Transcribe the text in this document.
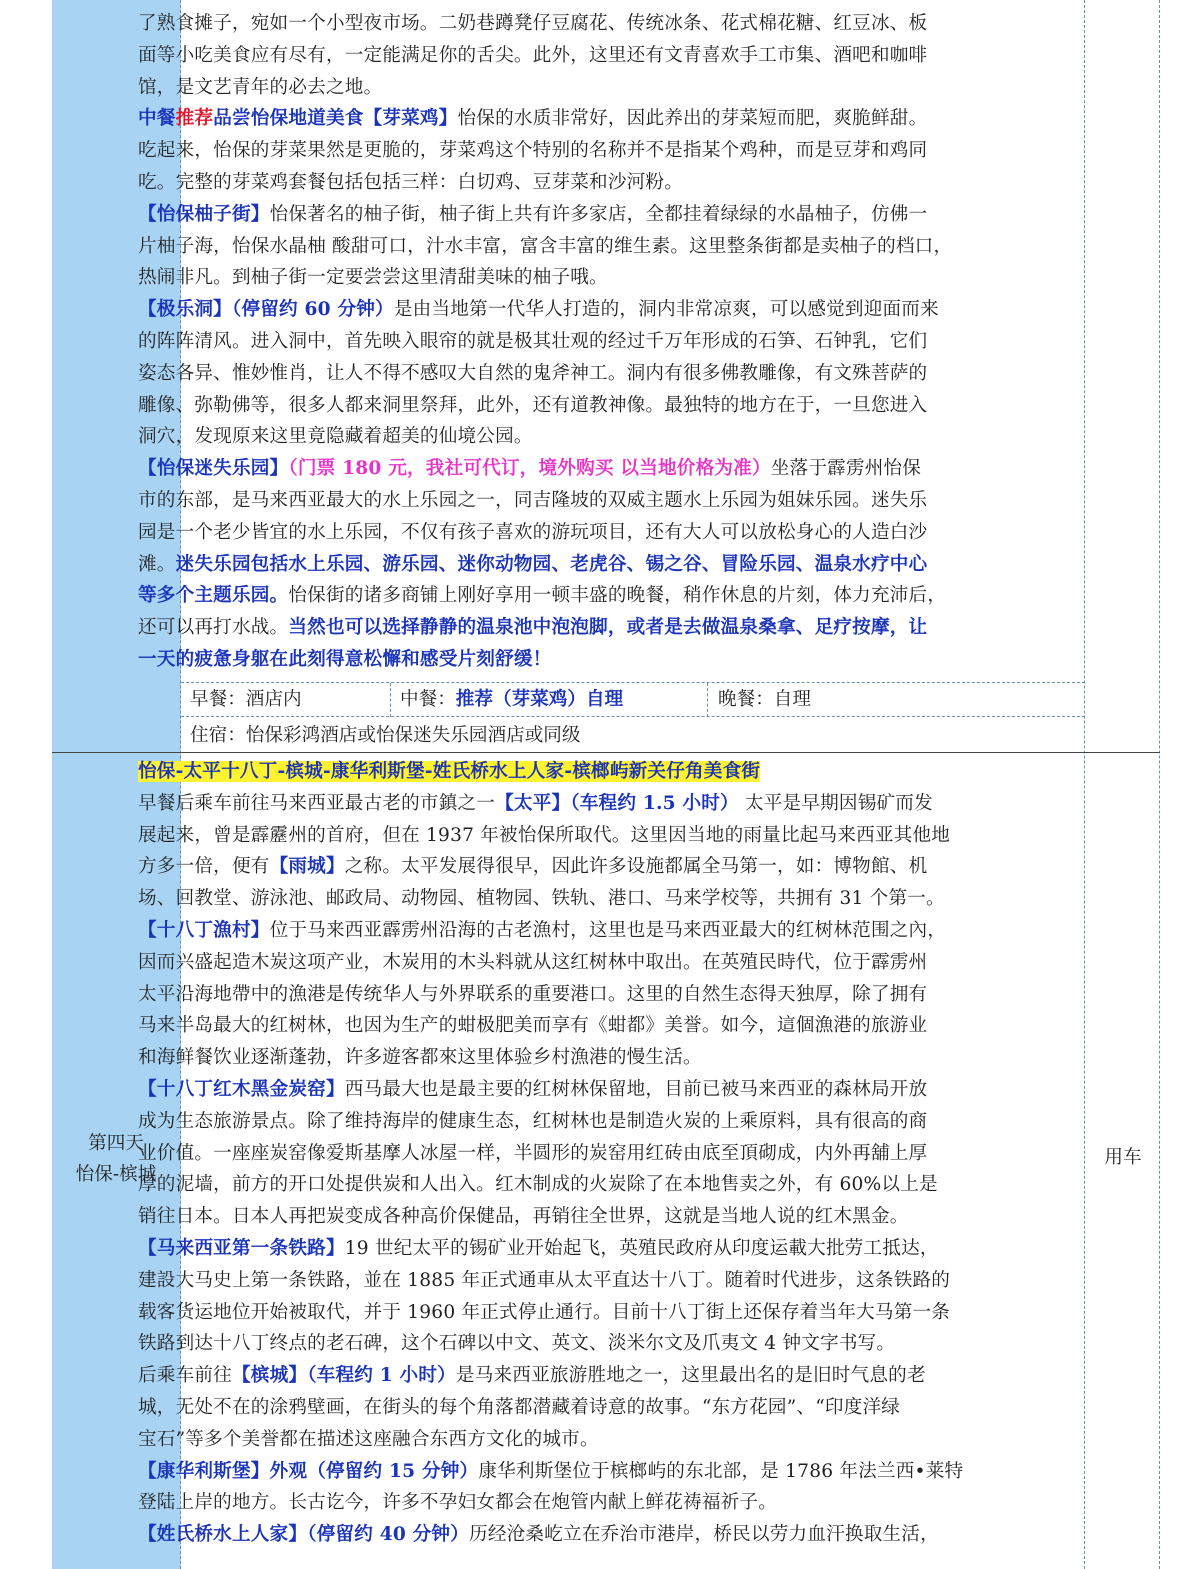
第四天
怡保-槟城
用车

了熟食摊子，宛如一个小型夜市场。二奶巷蹲凳仔豆腐花、传统冰条、花式棉花糖、红豆冰、板

面等小吃美食应有尽有，一定能满足你的舌尖。此外，这里还有文青喜欢手工市集、酒吧和咖啡

馆，是文艺青年的必去之地。

中餐推荐品尝怡保地道美食【芽菜鸡】怡保的水质非常好，因此养出的芽菜短而肥，爽脆鲜甜。

吃起来，怡保的芽菜果然是更脆的，芽菜鸡这个特别的名称并不是指某个鸡种，而是豆芽和鸡同

吃。完整的芽菜鸡套餐包括包括三样：白切鸡、豆芽菜和沙河粉。

【怡保柚子街】怡保著名的柚子街，柚子街上共有许多家店，全都挂着绿绿的水晶柚子，仿佛一

片柚子海，怡保水晶柚 酸甜可口，汁水丰富，富含丰富的维生素。这里整条街都是卖柚子的档口，

热闹非凡。到柚子街一定要尝尝这里清甜美味的柚子哦。

【极乐洞】（停留约 60 分钟）是由当地第一代华人打造的，洞内非常凉爽，可以感觉到迎面而来

的阵阵清风。进入洞中，首先映入眼帘的就是极其壮观的经过千万年形成的石笋、石钟乳，它们

姿态各异、惟妙惟肖，让人不得不感叹大自然的鬼斧神工。洞内有很多佛教雕像，有文殊菩萨的

雕像、弥勒佛等，很多人都来洞里祭拜，此外，还有道教神像。最独特的地方在于，一旦您进入

洞穴，发现原来这里竟隐藏着超美的仙境公园。

【怡保迷失乐园】（门票 180 元，我社可代订，境外购买 以当地价格为准）坐落于霹雳州怡保

市的东部，是马来西亚最大的水上乐园之一，同吉隆坡的双威主题水上乐园为姐妹乐园。迷失乐

园是一个老少皆宜的水上乐园，不仅有孩子喜欢的游玩项目，还有大人可以放松身心的人造白沙

滩。迷失乐园包括水上乐园、游乐园、迷你动物园、老虎谷、锡之谷、冒险乐园、温泉水疗中心

等多个主题乐园。怡保街的诸多商铺上刚好享用一顿丰盛的晚餐，稍作休息的片刻，体力充沛后，

还可以再打水战。当然也可以选择静静的温泉池中泡泡脚，或者是去做温泉桑拿、足疗按摩，让

一天的疲惫身躯在此刻得意松懈和感受片刻舒缓！

早餐：酒店内	中餐：推荐（芽菜鸡）自理	晚餐：自理
住宿：怡保彩鸿酒店或怡保迷失乐园酒店或同级

怡保-太平十八丁-槟城-康华利斯堡-姓氏桥水上人家-槟榔屿新关仔角美食街

早餐后乘车前往马来西亚最古老的市鎮之一【太平】（车程约 1.5 小时） 太平是早期因锡矿而发

展起来，曾是霹靂州的首府，但在 1937 年被怡保所取代。这里因当地的雨量比起马来西亚其他地

方多一倍，便有【雨城】之称。太平发展得很早，因此许多设施都属全马第一，如：博物館、机

场、回教堂、游泳池、邮政局、动物园、植物园、铁轨、港口、马来学校等，共拥有 31 个第一。

【十八丁漁村】位于马来西亚霹雳州沿海的古老漁村，这里也是马来西亚最大的红树林范围之內，

因而兴盛起造木炭这项产业，木炭用的木头料就从这红树林中取出。在英殖民時代，位于霹雳州

太平沿海地帶中的漁港是传统华人与外界联系的重要港口。这里的自然生态得天独厚，除了拥有

马来半岛最大的红树林，也因为生产的蚶极肥美而享有《蚶都》美誉。如今，這個漁港的旅游业

和海鲜餐饮业逐渐蓬勃，许多遊客都來这里体验乡村漁港的慢生活。

【十八丁红木黑金炭窑】西马最大也是最主要的红树林保留地，目前已被马来西亚的森林局开放

成为生态旅游景点。除了维持海岸的健康生态，红树林也是制造火炭的上乘原料，具有很高的商

业价值。一座座炭窑像爱斯基摩人冰屋一样，半圆形的炭窑用红砖由底至頂砌成，内外再舖上厚

厚的泥墙，前方的开口处提供炭和人出入。红木制成的火炭除了在本地售卖之外，有 60%以上是

销往日本。日本人再把炭变成各种高价保健品，再销往全世界，这就是当地人说的红木黑金。

【马来西亚第一条铁路】19 世纪太平的锡矿业开始起飞，英殖民政府从印度运載大批劳工抵达，

建設大马史上第一条铁路，並在 1885 年正式通車从太平直达十八丁。随着时代进步，这条铁路的

载客货运地位开始被取代，并于 1960 年正式停止通行。目前十八丁街上还保存着当年大马第一条

铁路到达十八丁终点的老石碑，这个石碑以中文、英文、淡米尔文及爪夷文 4 钟文字书写。

后乘车前往【槟城】（车程约 1 小时）是马来西亚旅游胜地之一，这里最出名的是旧时气息的老

城，无处不在的涂鸦壁画，在街头的每个角落都潜藏着诗意的故事。“东方花园”、“印度洋绿

宝石”等多个美誉都在描述这座融合东西方文化的城市。

【康华利斯堡】外观（停留约 15 分钟）康华利斯堡位于槟榔屿的东北部，是 1786 年法兰西•莱特

登陆上岸的地方。长古讫今，许多不孕妇女都会在炮管内献上鲜花祷福祈子。

【姓氏桥水上人家】（停留约 40 分钟）历经沧桑屹立在乔治市港岸，桥民以劳力血汗换取生活，
